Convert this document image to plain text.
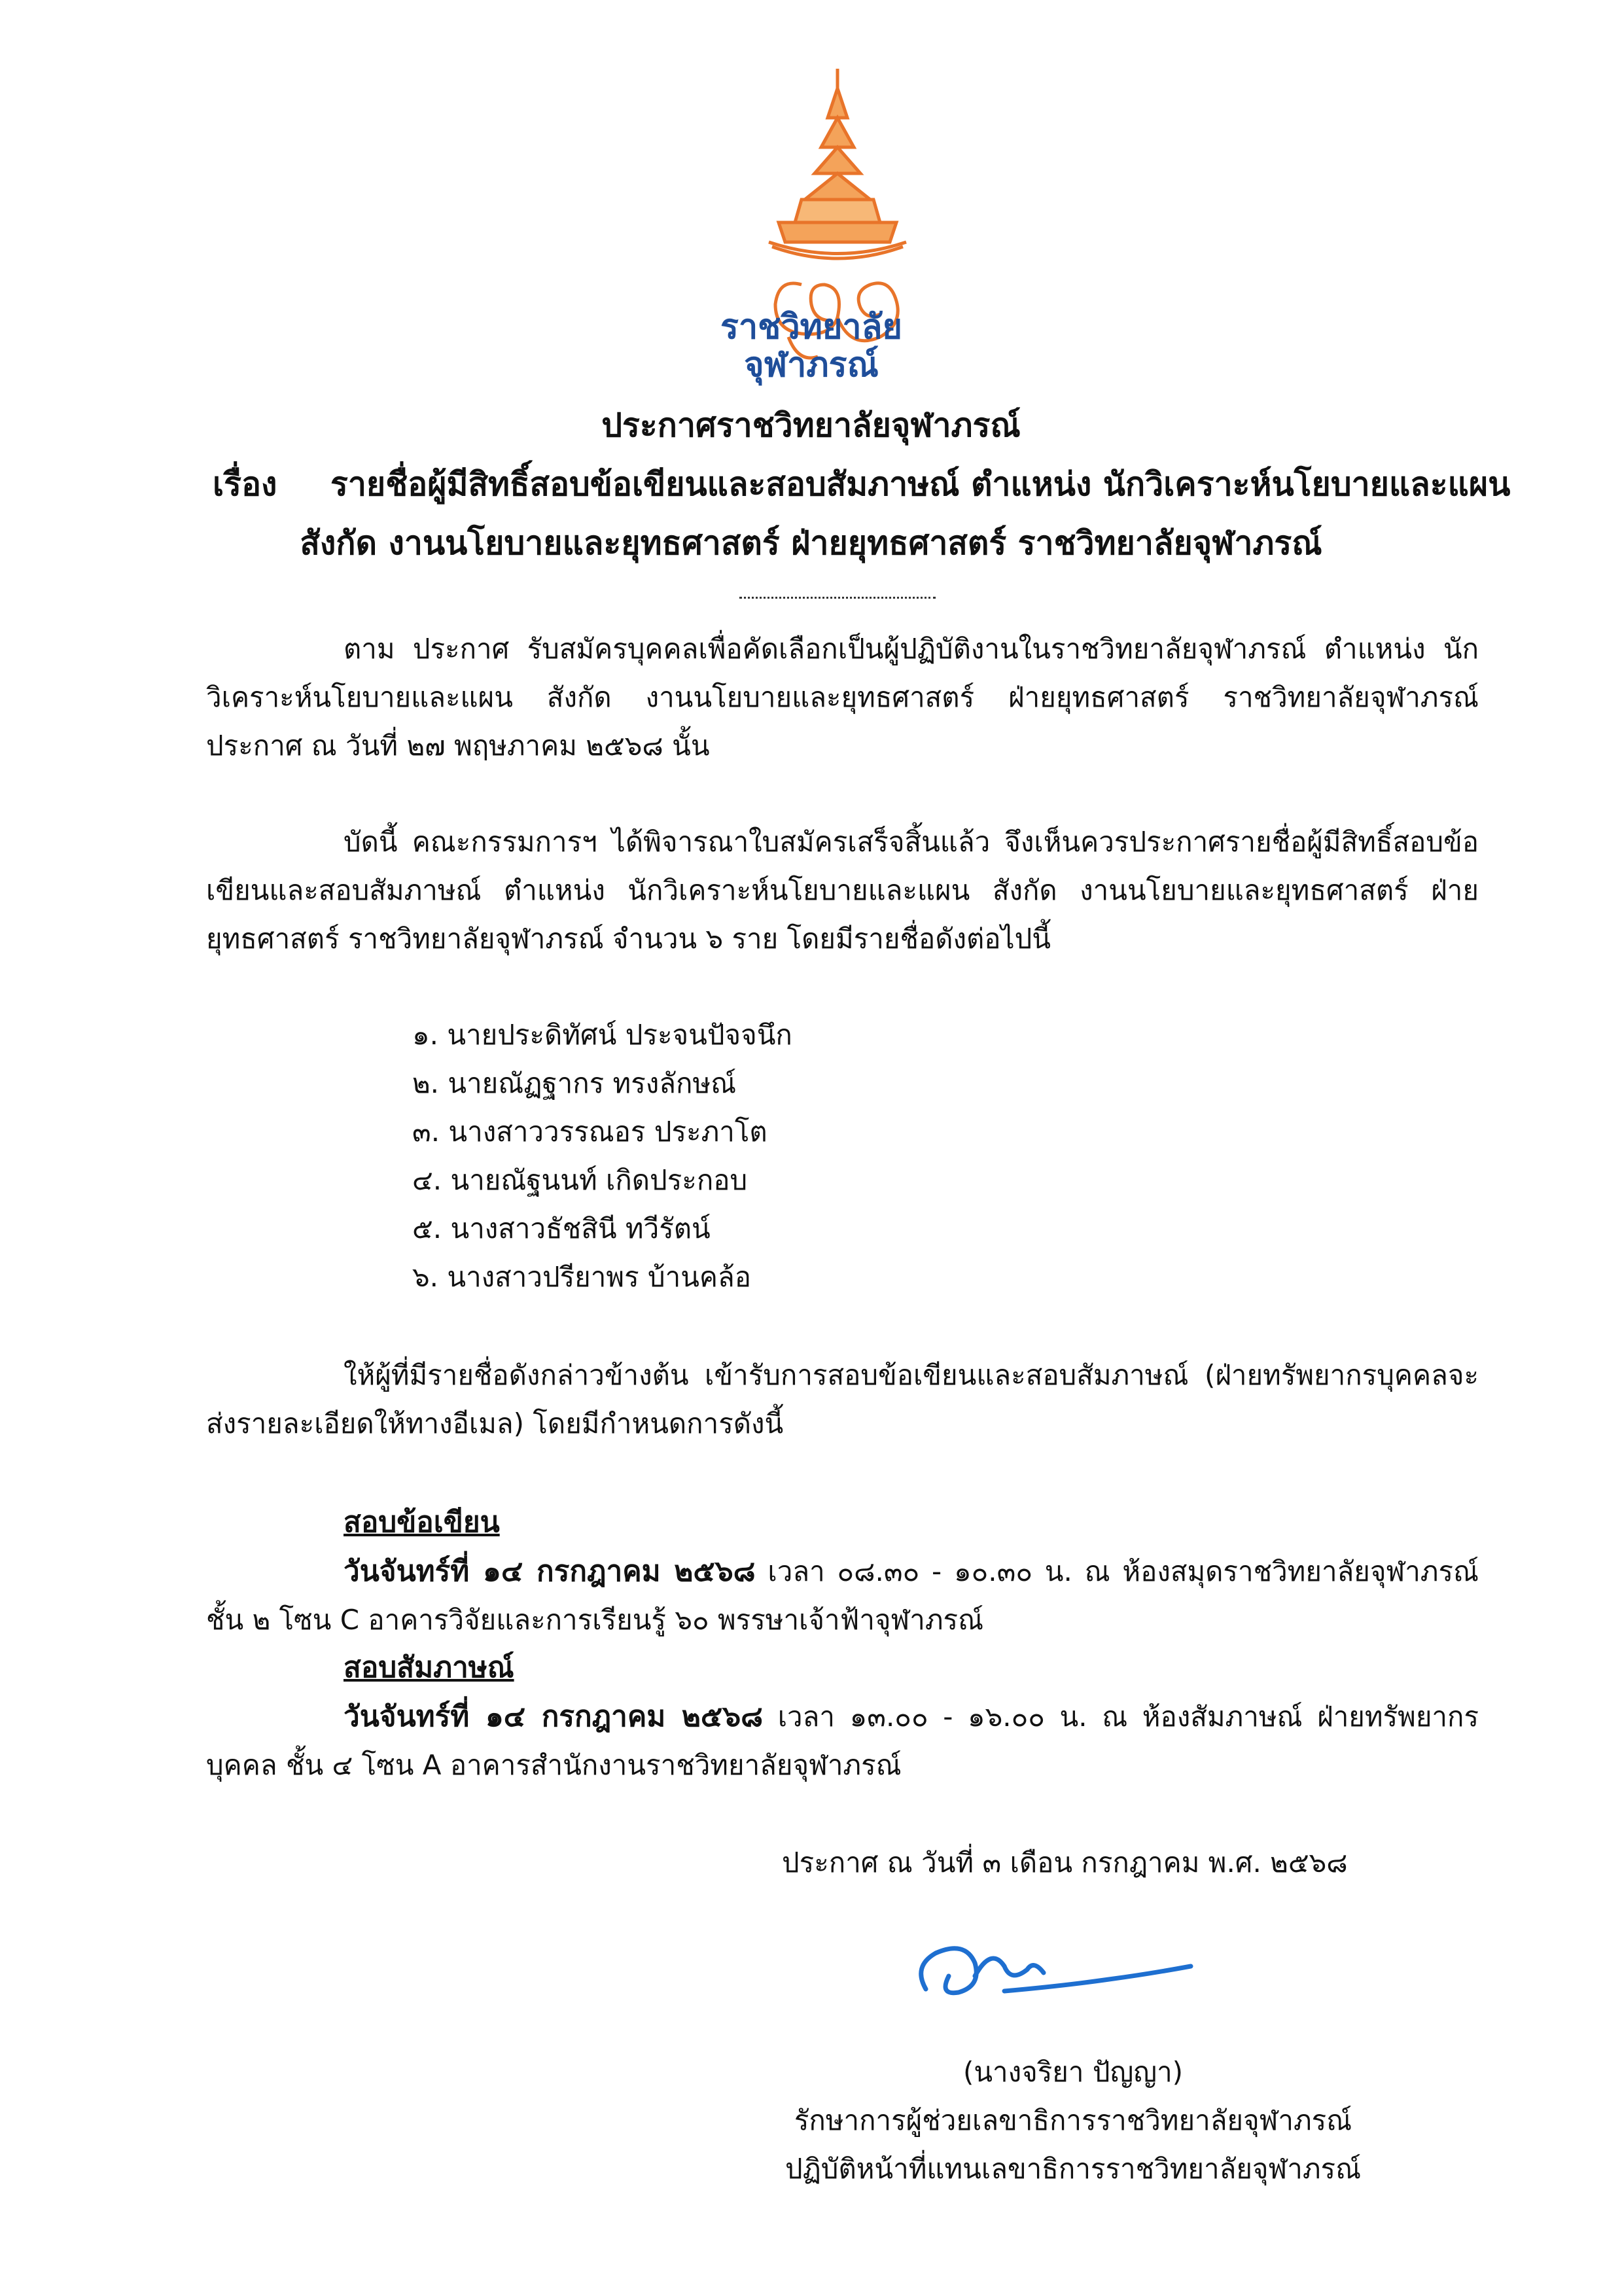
ราชวิทยาลัย
จุฬาภรณ์
ประกาศราชวิทยาลัยจุฬาภรณ์
เรื่อง รายชื่อผู้มีสิทธิ์สอบข้อเขียนและสอบสัมภาษณ์ ตำแหน่ง นักวิเคราะห์นโยบายและแผน
สังกัด งานนโยบายและยุทธศาสตร์ ฝ่ายยุทธศาสตร์ ราชวิทยาลัยจุฬาภรณ์
ตาม ประกาศ รับสมัครบุคคลเพื่อคัดเลือกเป็นผู้ปฏิบัติงานในราชวิทยาลัยจุฬาภรณ์ ตำแหน่ง นักวิเคราะห์นโยบายและแผน สังกัด งานนโยบายและยุทธศาสตร์ ฝ่ายยุทธศาสตร์ ราชวิทยาลัยจุฬาภรณ์ ประกาศ ณ วันที่ ๒๗ พฤษภาคม ๒๕๖๘ นั้น
บัดนี้ คณะกรรมการฯ ได้พิจารณาใบสมัครเสร็จสิ้นแล้ว จึงเห็นควรประกาศรายชื่อผู้มีสิทธิ์สอบข้อเขียนและสอบสัมภาษณ์ ตำแหน่ง นักวิเคราะห์นโยบายและแผน สังกัด งานนโยบายและยุทธศาสตร์ ฝ่ายยุทธศาสตร์ ราชวิทยาลัยจุฬาภรณ์ จำนวน ๖ ราย โดยมีรายชื่อดังต่อไปนี้
๑. นายประดิทัศน์ ประจนปัจจนึก
๒. นายณัฏฐากร ทรงลักษณ์
๓. นางสาววรรณอร ประภาโต
๔. นายณัฐนนท์ เกิดประกอบ
๕. นางสาวธัชสินี ทวีรัตน์
๖. นางสาวปรียาพร บ้านคล้อ
ให้ผู้ที่มีรายชื่อดังกล่าวข้างต้น เข้ารับการสอบข้อเขียนและสอบสัมภาษณ์ (ฝ่ายทรัพยากรบุคคลจะส่งรายละเอียดให้ทางอีเมล) โดยมีกำหนดการดังนี้
สอบข้อเขียน
วันจันทร์ที่ ๑๔ กรกฎาคม ๒๕๖๘ เวลา ๐๘.๓๐ - ๑๐.๓๐ น. ณ ห้องสมุดราชวิทยาลัยจุฬาภรณ์ ชั้น ๒ โซน C อาคารวิจัยและการเรียนรู้ ๖๐ พรรษาเจ้าฟ้าจุฬาภรณ์
สอบสัมภาษณ์
วันจันทร์ที่ ๑๔ กรกฎาคม ๒๕๖๘ เวลา ๑๓.๐๐ - ๑๖.๐๐ น. ณ ห้องสัมภาษณ์ ฝ่ายทรัพยากรบุคคล ชั้น ๔ โซน A อาคารสำนักงานราชวิทยาลัยจุฬาภรณ์
ประกาศ ณ วันที่ ๓ เดือน กรกฎาคม พ.ศ. ๒๕๖๘
(นางจริยา ปัญญา)
รักษาการผู้ช่วยเลขาธิการราชวิทยาลัยจุฬาภรณ์
ปฏิบัติหน้าที่แทนเลขาธิการราชวิทยาลัยจุฬาภรณ์
